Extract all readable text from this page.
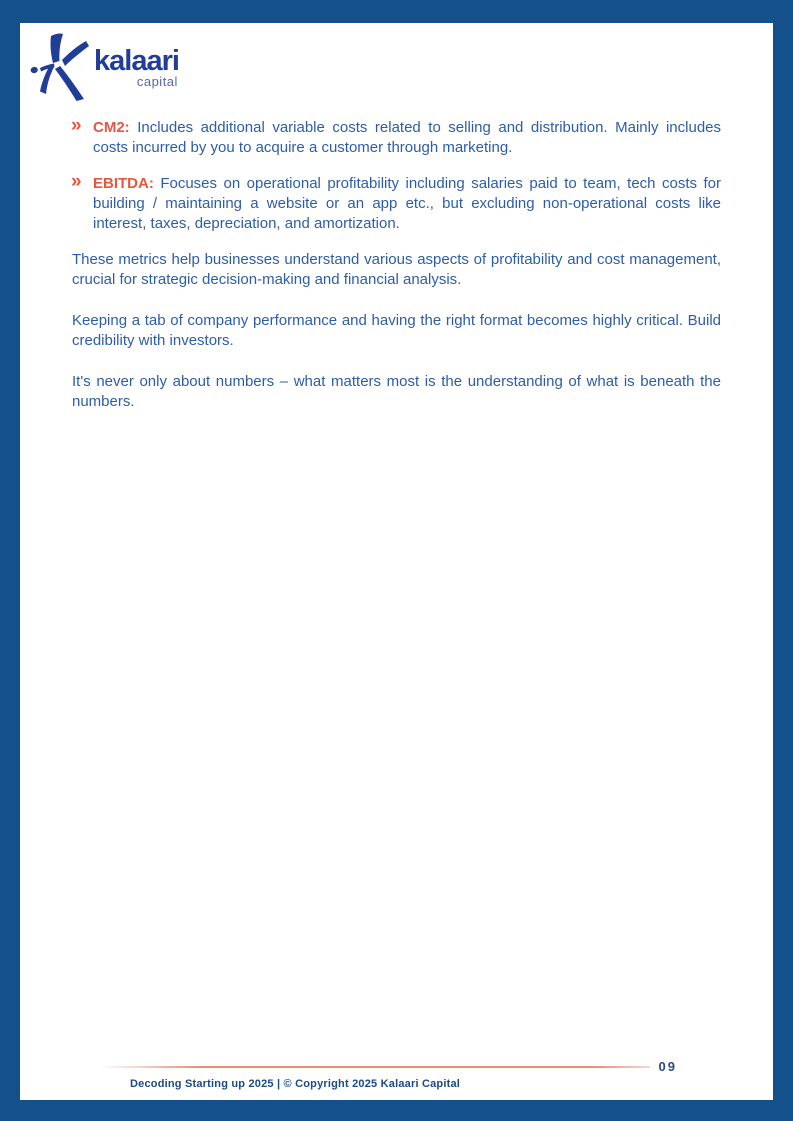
kalaari
capital
» CM2: Includes additional variable costs related to selling and distribution. Mainly includes costs incurred by you to acquire a customer through marketing.
» EBITDA: Focuses on operational profitability including salaries paid to team, tech costs for building / maintaining a website or an app etc., but excluding non-operational costs like interest, taxes, depreciation, and amortization.

These metrics help businesses understand various aspects of profitability and cost management, crucial for strategic decision-making and financial analysis.

Keeping a tab of company performance and having the right format becomes highly critical. Build credibility with investors.

It's never only about numbers – what matters most is the understanding of what is beneath the numbers.

09
Decoding Starting up 2025 | © Copyright 2025 Kalaari Capital
